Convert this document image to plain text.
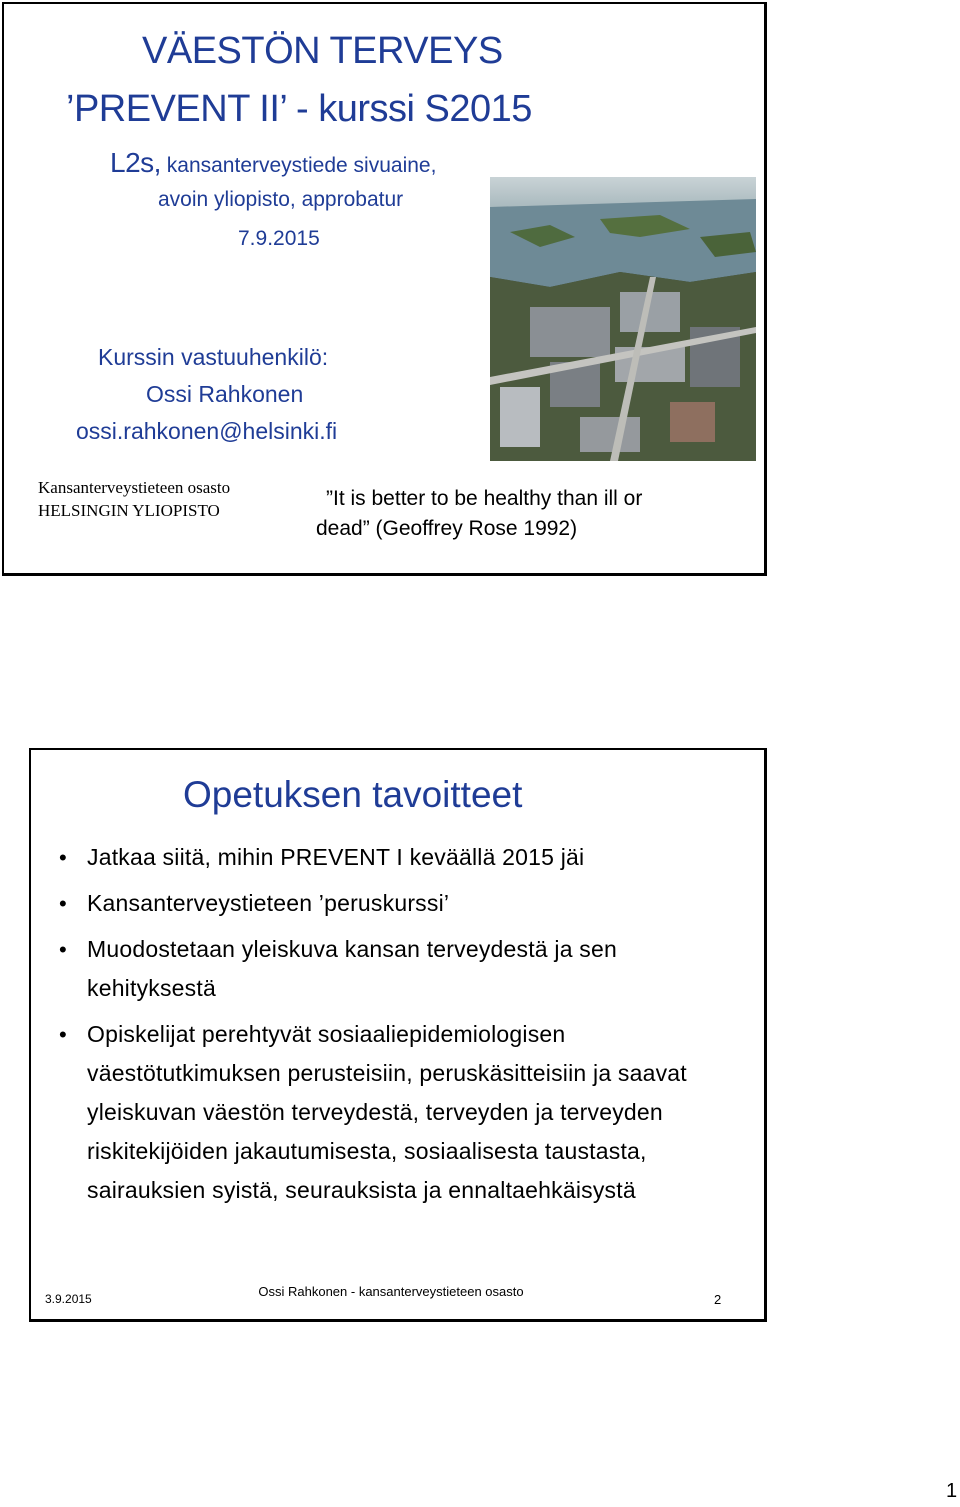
VÄESTÖN TERVEYS
’PREVENT II’ - kurssi S2015
L2s, kansanterveystiede sivuaine,
avoin yliopisto, approbatur
7.9.2015
Kurssin vastuuhenkilö:
Ossi Rahkonen
ossi.rahkonen@helsinki.fi
Kansanterveystieteen osasto
HELSINGIN YLIOPISTO
”It is better to be healthy than ill or
dead” (Geoffrey Rose 1992)
Opetuksen tavoitteet
• Jatkaa siitä, mihin PREVENT I keväällä 2015 jäi
• Kansanterveystieteen ’peruskurssi’
• Muodostetaan yleiskuva kansan terveydestä ja sen kehityksestä
• Opiskelijat perehtyvät sosiaaliepidemiologisen väestötutkimuksen perusteisiin, peruskäsitteisiin ja saavat yleiskuvan väestön terveydestä, terveyden ja terveyden riskitekijöiden jakautumisesta, sosiaalisesta taustasta, sairauksien syistä, seurauksista ja ennaltaehkäisystä
3.9.2015	Ossi Rahkonen - kansanterveystieteen osasto
2
1
